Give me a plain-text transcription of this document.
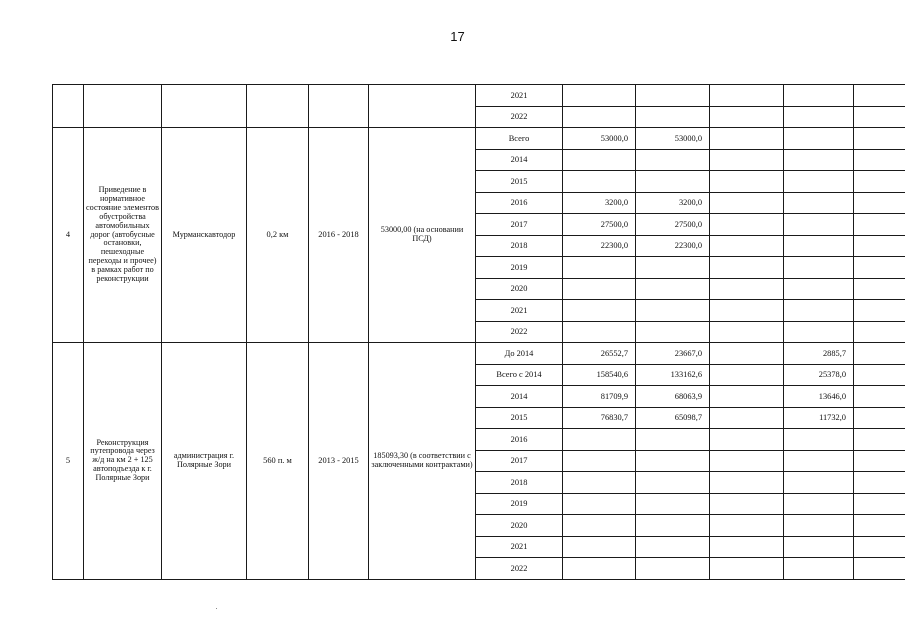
17
						2021					
						2022					
4	Приведение в нормативное состояние элементов обустройства автомобильных дорог (автобусные остановки, пешеходные переходы и прочее) в рамках работ по реконструкции	Мурманскавтодор	0,2 км	2016 - 2018	53000,00 (на основании ПСД)	Всего	53000,0	53000,0			
						2014					
						2015					
						2016	3200,0	3200,0			
						2017	27500,0	27500,0			
						2018	22300,0	22300,0			
						2019					
						2020					
						2021					
						2022					
5	Реконструкция путепровода через ж/д на км 2 + 125 автоподъезда к г. Полярные Зори	администрация г. Полярные Зори	560 п. м	2013 - 2015	185093,30 (в соответствии с заключенными контрактами)	До 2014	26552,7	23667,0		2885,7	
						Всего с 2014	158540,6	133162,6		25378,0	
						2014	81709,9	68063,9		13646,0	
						2015	76830,7	65098,7		11732,0	
						2016					
						2017					
						2018					
						2019					
						2020					
						2021					
						2022					
